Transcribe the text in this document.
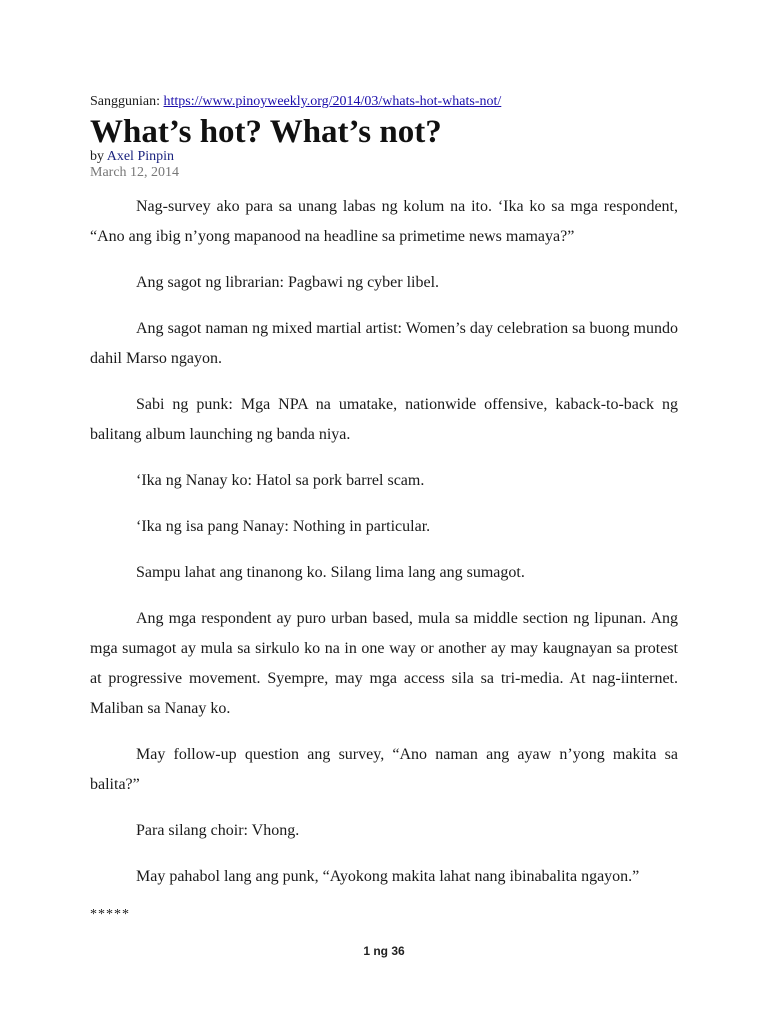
Sanggunian: https://www.pinoyweekly.org/2014/03/whats-hot-whats-not/
What’s hot? What’s not?
by Axel Pinpin
March 12, 2014

Nag-survey ako para sa unang labas ng kolum na ito. ‘Ika ko sa mga respondent, “Ano ang ibig n’yong mapanood na headline sa primetime news mamaya?”

Ang sagot ng librarian: Pagbawi ng cyber libel.

Ang sagot naman ng mixed martial artist: Women’s day celebration sa buong mundo dahil Marso ngayon.

Sabi ng punk: Mga NPA na umatake, nationwide offensive, kaback-to-back ng balitang album launching ng banda niya.

‘Ika ng Nanay ko: Hatol sa pork barrel scam.

‘Ika ng isa pang Nanay: Nothing in particular.

Sampu lahat ang tinanong ko. Silang lima lang ang sumagot.

Ang mga respondent ay puro urban based, mula sa middle section ng lipunan. Ang mga sumagot ay mula sa sirkulo ko na in one way or another ay may kaugnayan sa protest at progressive movement. Syempre, may mga access sila sa tri-media. At nag-iinternet. Maliban sa Nanay ko.

May follow-up question ang survey, “Ano naman ang ayaw n’yong makita sa balita?”

Para silang choir: Vhong.

May pahabol lang ang punk, “Ayokong makita lahat nang ibinabalita ngayon.”

*****
1 ng 36
